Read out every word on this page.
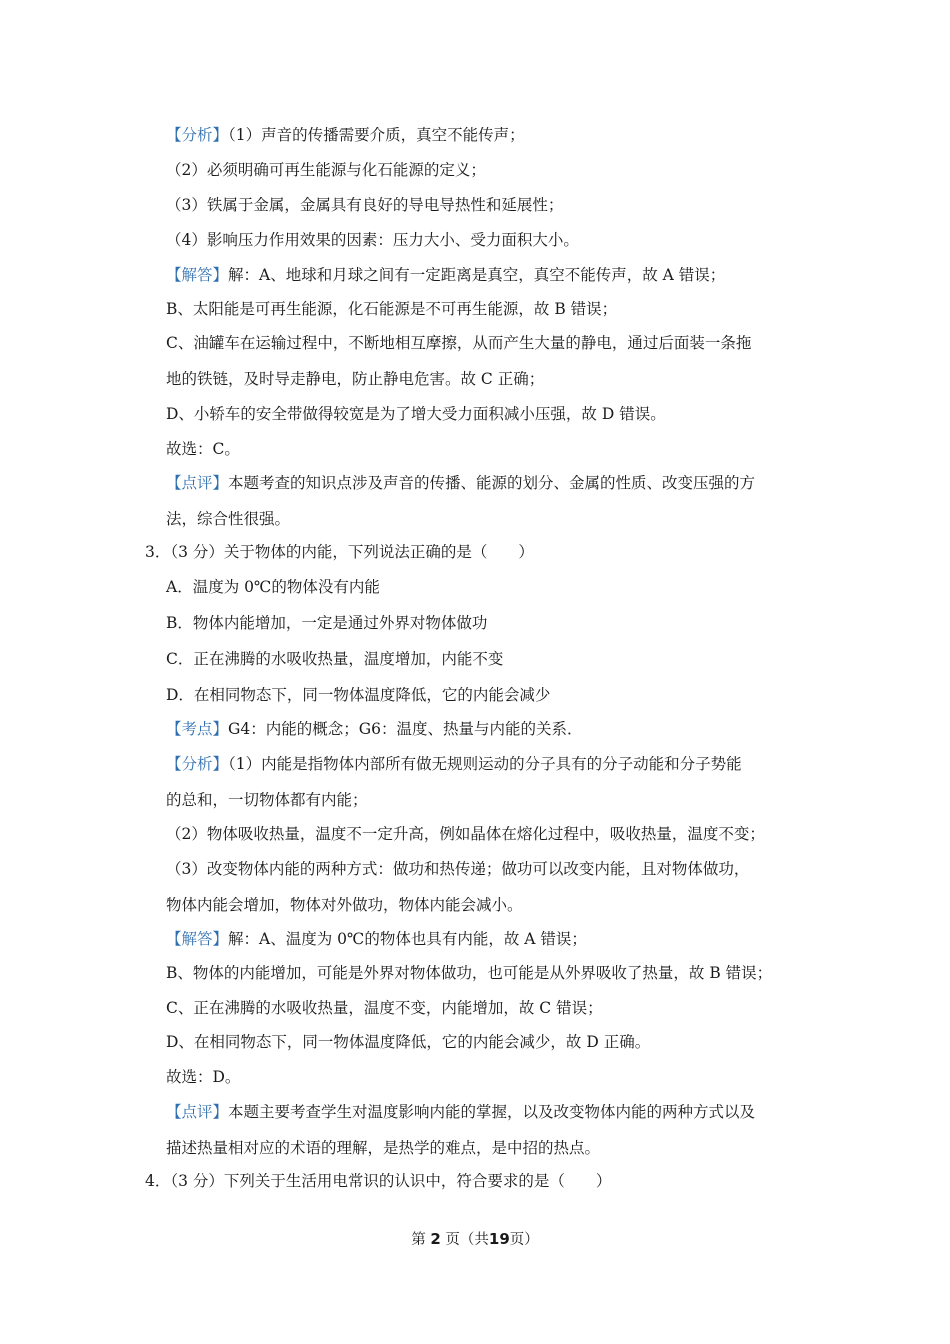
【分析】（1）声音的传播需要介质，真空不能传声；
（2）必须明确可再生能源与化石能源的定义；
（3）铁属于金属，金属具有良好的导电导热性和延展性；
（4）影响压力作用效果的因素：压力大小、受力面积大小。
【解答】解：A、地球和月球之间有一定距离是真空，真空不能传声，故 A 错误；
B、太阳能是可再生能源，化石能源是不可再生能源，故 B 错误；
C、油罐车在运输过程中，不断地相互摩擦，从而产生大量的静电，通过后面装一条拖
地的铁链，及时导走静电，防止静电危害。故 C 正确；
D、小轿车的安全带做得较宽是为了增大受力面积减小压强，故 D 错误。
故选：C。
【点评】本题考查的知识点涉及声音的传播、能源的划分、金属的性质、改变压强的方
法，综合性很强。
3．（3 分）关于物体的内能，下列说法正确的是（　　）
A．温度为 0℃的物体没有内能
B．物体内能增加，一定是通过外界对物体做功
C．正在沸腾的水吸收热量，温度增加，内能不变
D．在相同物态下，同一物体温度降低，它的内能会减少
【考点】G4：内能的概念；G6：温度、热量与内能的关系．
【分析】（1）内能是指物体内部所有做无规则运动的分子具有的分子动能和分子势能
的总和，一切物体都有内能；
（2）物体吸收热量，温度不一定升高，例如晶体在熔化过程中，吸收热量，温度不变；
（3）改变物体内能的两种方式：做功和热传递；做功可以改变内能，且对物体做功，
物体内能会增加，物体对外做功，物体内能会减小。
【解答】解：A、温度为 0℃的物体也具有内能，故 A 错误；
B、物体的内能增加，可能是外界对物体做功，也可能是从外界吸收了热量，故 B 错误；
C、正在沸腾的水吸收热量，温度不变，内能增加，故 C 错误；
D、在相同物态下，同一物体温度降低，它的内能会减少，故 D 正确。
故选：D。
【点评】本题主要考查学生对温度影响内能的掌握，以及改变物体内能的两种方式以及
描述热量相对应的术语的理解，是热学的难点，是中招的热点。
4．（3 分）下列关于生活用电常识的认识中，符合要求的是（　　）
第 2 页（共19页）
